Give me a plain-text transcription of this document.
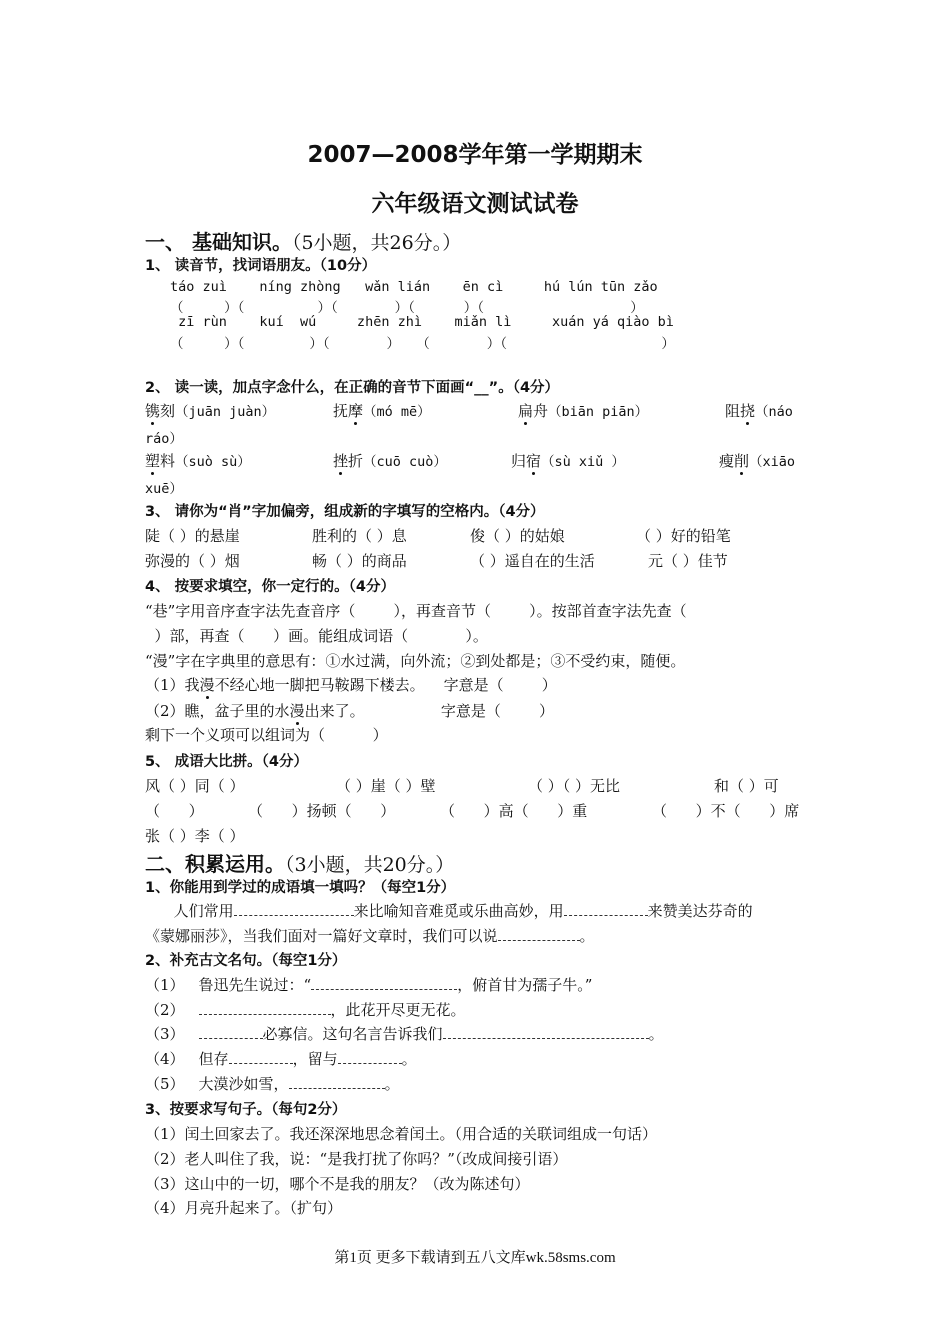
2007—2008学年第一学期期末
六年级语文测试试卷
一、 基础知识。（5小题，共26分。）
1、 读音节，找词语朋友。（10分）
táo zuì    níng zhòng   wǎn lián    ēn cì     hú lún tūn zǎo
（     ）（         ）（       ）（      ）（                  ）
zī rùn    kuí  wú     zhēn zhì    miǎn lì     xuán yá qiào bì
（     ）（        ）（       ）  （       ）（                   ）
2、 读一读，加点字念什么，在正确的音节下面画“__”。（4分）
镌刻（juān juàn）	抚摩（mó mē）	扁舟（biān piān）	阻挠（náo
ráo）
塑料（suò sù）	挫折（cuō cuò）	归宿（sù xiǔ ）	瘦削（xiāo
xuē）
3、 请你为“肖”字加偏旁，组成新的字填写的空格内。（4分）
陡（ ）的悬崖	胜利的（ ）息	俊（ ）的姑娘	（ ）好的铅笔
弥漫的（ ）烟	畅（ ）的商品	（ ）遥自在的生活	元（ ）佳节
4、 按要求填空，你一定行的。（4分）
“巷”字用音序查字法先查音序（        ），再查音节（        ）。按部首查字法先查（
）部，再查（      ）画。能组成词语（            ）。
“漫”字在字典里的意思有：①水过满，向外流；②到处都是；③不受约束，随便。
（1）我漫不经心地一脚把马鞍踢下楼去。    字意是（        ）
（2）瞧，盆子里的水漫出来了。                字意是（        ）
剩下一个义项可以组词为（          ）
5、 成语大比拼。（4分）
风（ ）同（ ）	（ ）崖（ ）壁	（ ）（ ）无比	和（ ）可
（      ）	（      ）扬顿（      ）	（      ）高（      ）重	（      ）不（      ）席
张（ ）李（ ）
二、积累运用。（3小题，共20分。）
1、你能用到学过的成语填一填吗？（每空1分）
人们常用	来比喻知音难觅或乐曲高妙，用	来赞美达芬奇的
《蒙娜丽莎》，当我们面对一篇好文章时，我们可以说	。
2、补充古文名句。（每空1分）
（1） 鲁迅先生说过：“	，俯首甘为孺子牛。”
（2）	，此花开尽更无花。
（3）	必寡信。这句名言告诉我们	。
（4） 但存	，留与	。
（5） 大漠沙如雪，	。
3、按要求写句子。（每句2分）
（1）闰土回家去了。我还深深地思念着闰土。（用合适的关联词组成一句话）
（2）老人叫住了我，说：“是我打扰了你吗？”（改成间接引语）
（3）这山中的一切，哪个不是我的朋友？（改为陈述句）
（4）月亮升起来了。（扩句）
第1页 更多下载请到五八文库wk.58sms.com
